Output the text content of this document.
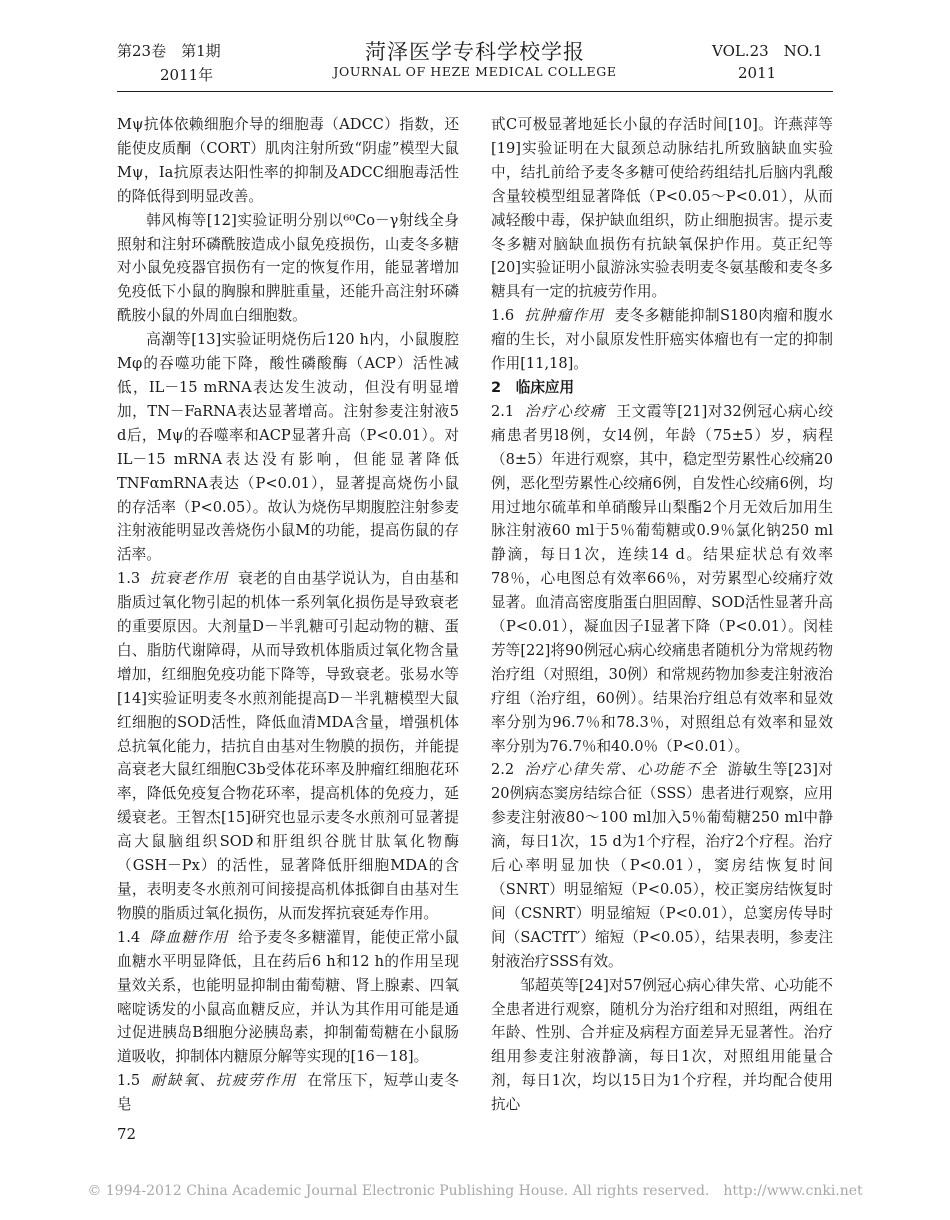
第23卷　第1期
2011年
菏泽医学专科学校学报
JOURNAL OF HEZE MEDICAL COLLEGE
VOL.23　NO.1
2011

Mψ抗体依赖细胞介导的细胞毒（ADCC）指数，还能使皮质酮（CORT）肌肉注射所致“阴虚”模型大鼠Mψ，Ia抗原表达阳性率的抑制及ADCC细胞毒活性的降低得到明显改善。

韩风梅等[12]实验证明分别以⁶⁰Co－γ射线全身照射和注射环磷酰胺造成小鼠免疫损伤，山麦冬多糖对小鼠免疫器官损伤有一定的恢复作用，能显著增加免疫低下小鼠的胸腺和脾脏重量，还能升高注射环磷酰胺小鼠的外周血白细胞数。

高潮等[13]实验证明烧伤后120 h内，小鼠腹腔Mφ的吞噬功能下降，酸性磷酸酶（ACP）活性减低，IL－15 mRNA表达发生波动，但没有明显增加，TN－FaRNA表达显著增高。注射参麦注射液5 d后，Mψ的吞噬率和ACP显著升高（P<0.01）。对IL－15 mRNA表达没有影响，但能显著降低TNFαmRNA表达（P<0.01），显著提高烧伤小鼠的存活率（P<0.05）。故认为烧伤早期腹腔注射参麦注射液能明显改善烧伤小鼠M的功能，提高伤鼠的存活率。

1.3 抗衰老作用 衰老的自由基学说认为，自由基和脂质过氧化物引起的机体一系列氧化损伤是导致衰老的重要原因。大剂量D－半乳糖可引起动物的糖、蛋白、脂肪代谢障碍，从而导致机体脂质过氧化物含量增加，红细胞免疫功能下降等，导致衰老。张易水等[14]实验证明麦冬水煎剂能提高D－半乳糖模型大鼠红细胞的SOD活性，降低血清MDA含量，增强机体总抗氧化能力，拮抗自由基对生物膜的损伤，并能提高衰老大鼠红细胞C3b受体花环率及肿瘤红细胞花环率，降低免疫复合物花环率，提高机体的免疫力，延缓衰老。王智杰[15]研究也显示麦冬水煎剂可显著提高大鼠脑组织SOD和肝组织谷胱甘肽氧化物酶（GSH－Px）的活性，显著降低肝细胞MDA的含量，表明麦冬水煎剂可间接提高机体抵御自由基对生物膜的脂质过氧化损伤，从而发挥抗衰延寿作用。

1.4 降血糖作用 给予麦冬多糖灌胃，能使正常小鼠血糖水平明显降低，且在药后6 h和12 h的作用呈现量效关系，也能明显抑制由葡萄糖、肾上腺素、四氧嘧啶诱发的小鼠高血糖反应，并认为其作用可能是通过促进胰岛B细胞分泌胰岛素，抑制葡萄糖在小鼠肠道吸收，抑制体内糖原分解等实现的[16－18]。

1.5 耐缺氧、抗疲劳作用 在常压下，短葶山麦冬皂

甙C可极显著地延长小鼠的存活时间[10]。许燕萍等[19]实验证明在大鼠颈总动脉结扎所致脑缺血实验中，结扎前给予麦冬多糖可使给药组结扎后脑内乳酸含量较模型组显著降低（P<0.05～P<0.01），从而减轻酸中毒，保护缺血组织，防止细胞损害。提示麦冬多糖对脑缺血损伤有抗缺氧保护作用。莫正纪等[20]实验证明小鼠游泳实验表明麦冬氨基酸和麦冬多糖具有一定的抗疲劳作用。

1.6 抗肿瘤作用 麦冬多糖能抑制S180肉瘤和腹水瘤的生长，对小鼠原发性肝癌实体瘤也有一定的抑制作用[11,18]。

2　临床应用

2.1 治疗心绞痛 王文霞等[21]对32例冠心病心绞痛患者男l8例，女l4例，年龄（75±5）岁，病程（8±5）年进行观察，其中，稳定型劳累性心绞痛20例，恶化型劳累性心绞痛6例，自发性心绞痛6例，均用过地尔硫革和单硝酸异山梨酯2个月无效后加用生脉注射液60 ml于5％葡萄糖或0.9％氯化钠250 ml静滴，每日1次，连续14 d。结果症状总有效率78％，心电图总有效率66％，对劳累型心绞痛疗效显著。血清高密度脂蛋白胆固醇、SOD活性显著升高（P<0.01），凝血因子Ⅰ显著下降（P<0.01）。闵桂芳等[22]将90例冠心病心绞痛患者随机分为常规药物治疗组（对照组，30例）和常规药物加参麦注射液治疗组（治疗组，60例）。结果治疗组总有效率和显效率分别为96.7％和78.3％，对照组总有效率和显效率分别为76.7％和40.0％（P<0.01）。

2.2 治疗心律失常、心功能不全 游敏生等[23]对20例病态窦房结综合征（SSS）患者进行观察，应用参麦注射液80～100 ml加入5％葡萄糖250 ml中静滴，每日1次，15 d为1个疗程，治疗2个疗程。治疗后心率明显加快（P<0.01），窦房结恢复时间（SNRT）明显缩短（P<0.05），校正窦房结恢复时间（CSNRT）明显缩短（P<0.01），总窦房传导时间（SACTfT′）缩短（P<0.05），结果表明，参麦注射液治疗SSS有效。

邹超英等[24]对57例冠心病心律失常、心功能不全患者进行观察，随机分为治疗组和对照组，两组在年龄、性别、合并症及病程方面差异无显著性。治疗组用参麦注射液静滴，每日1次，对照组用能量合剂，每日1次，均以15日为1个疗程，并均配合使用抗心

72
© 1994-2012 China Academic Journal Electronic Publishing House. All rights reserved.　http://www.cnki.net
